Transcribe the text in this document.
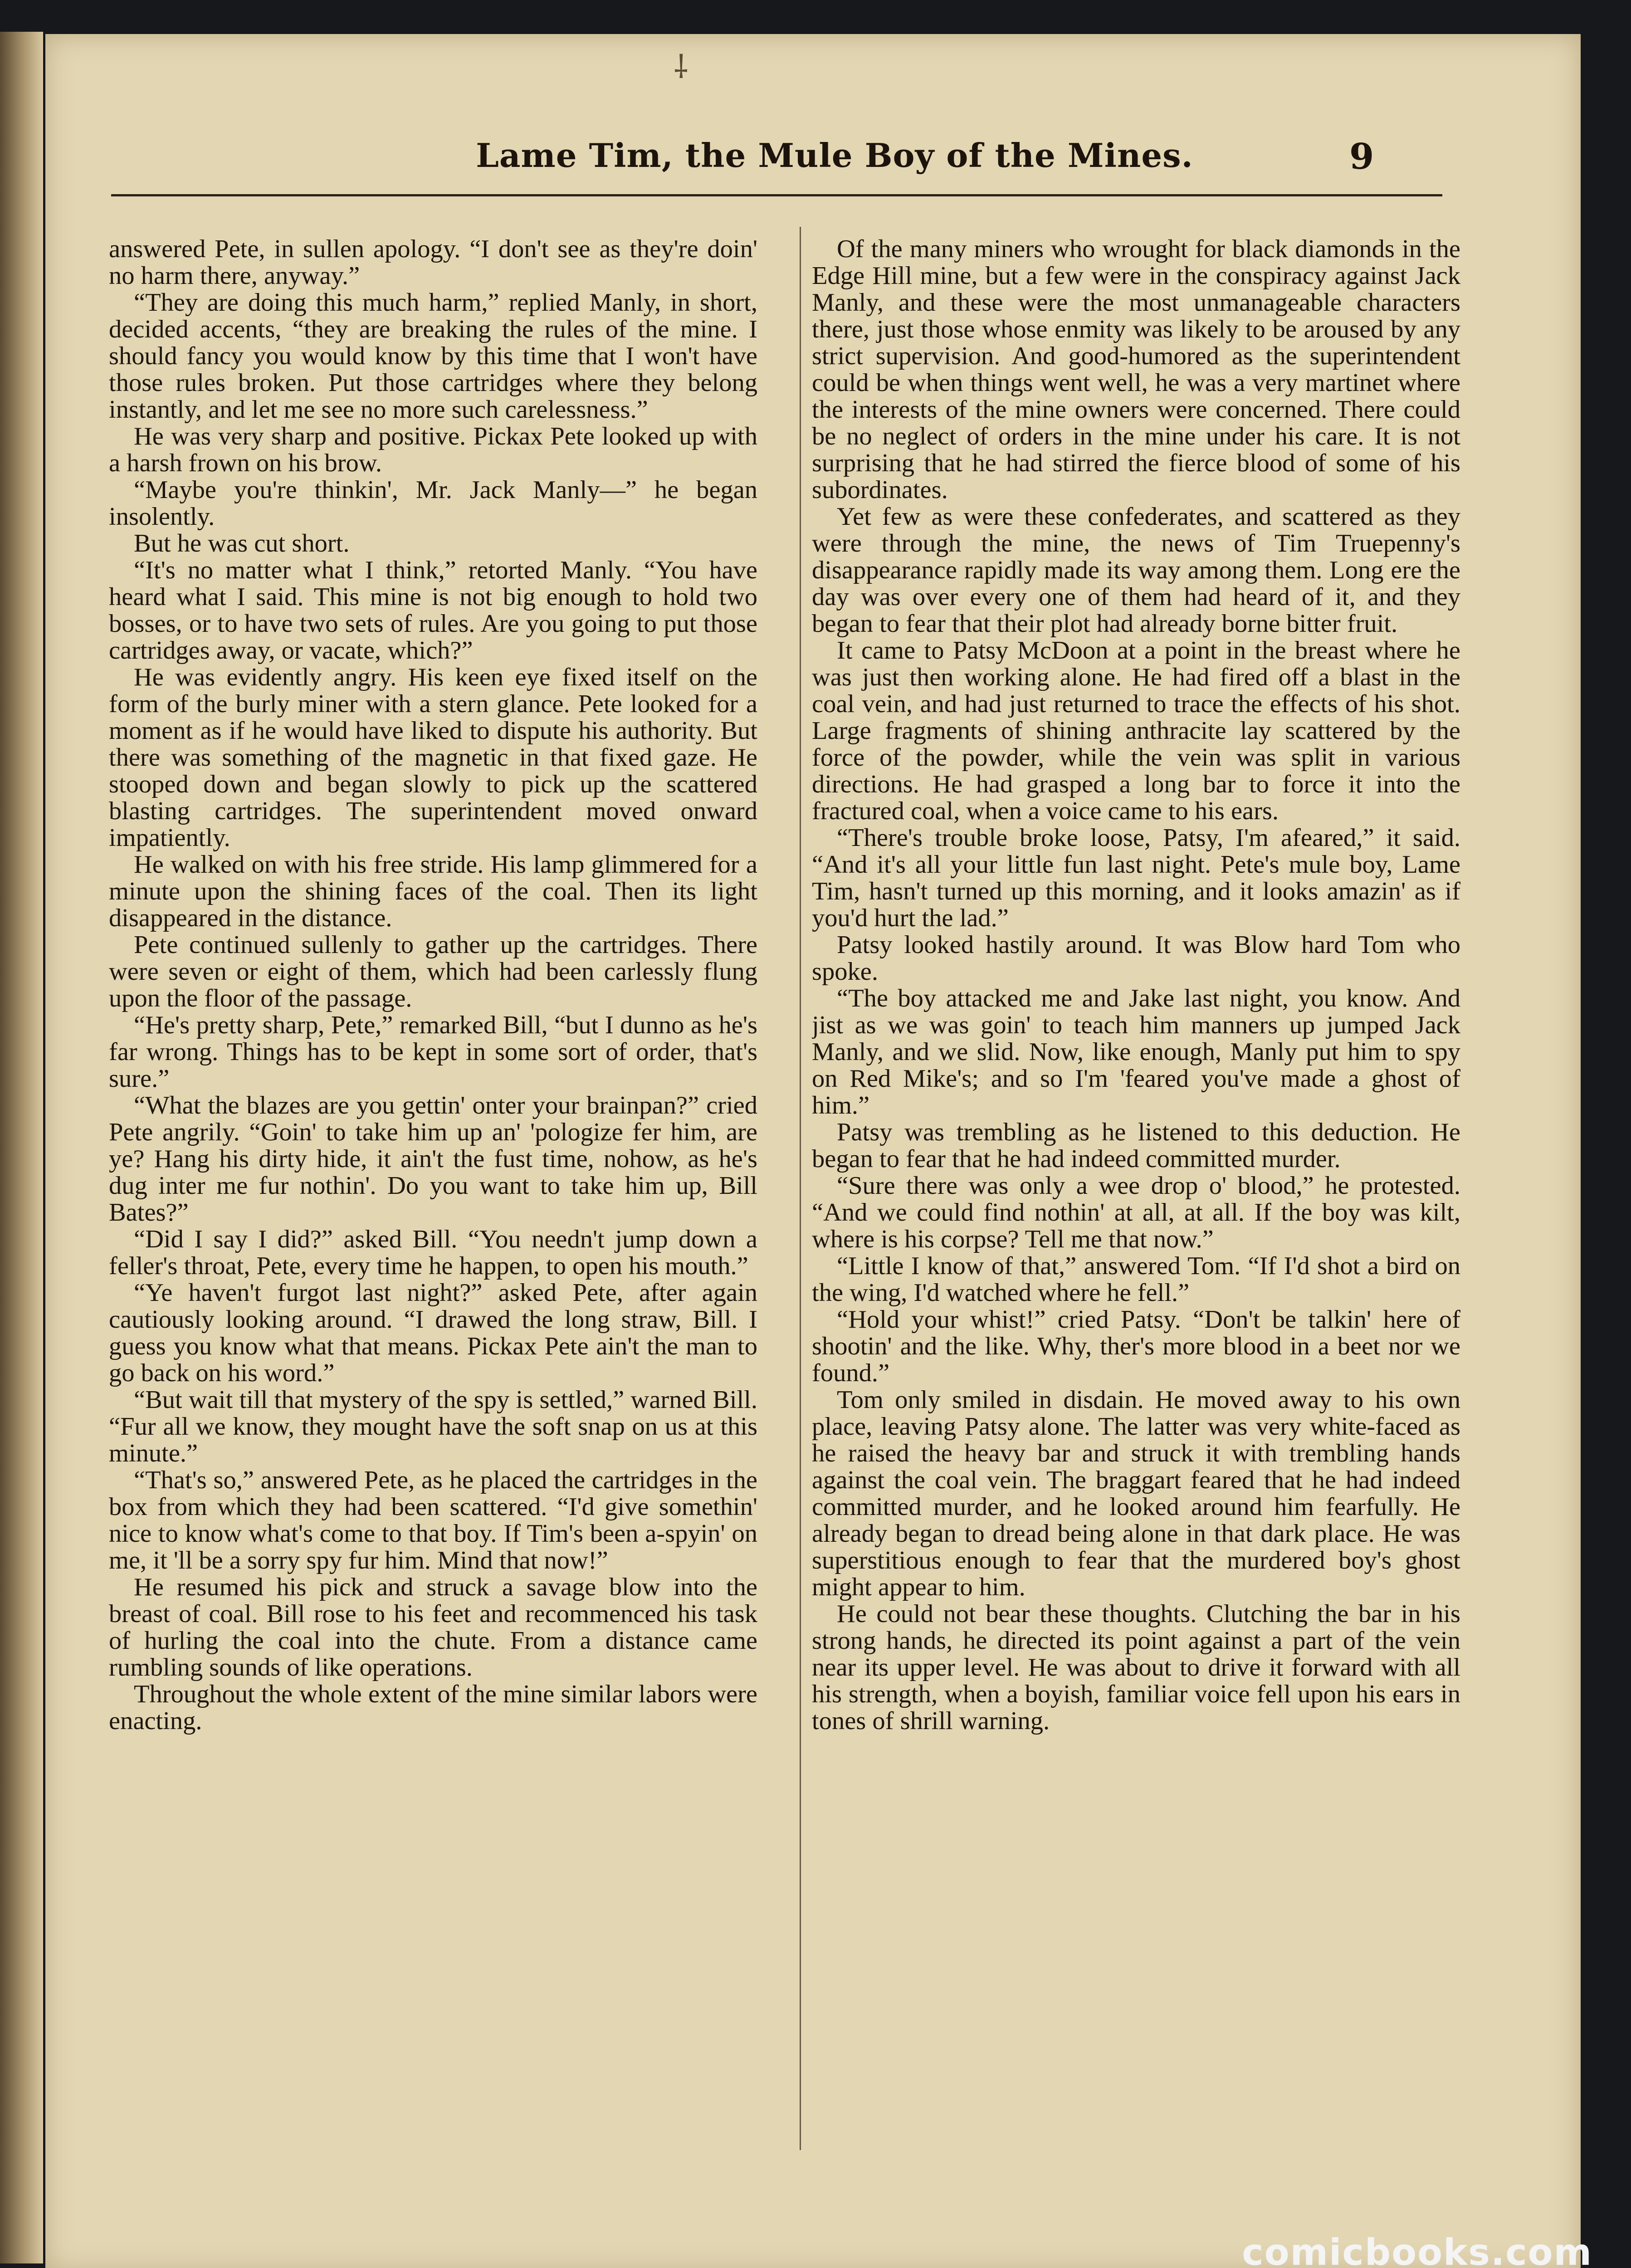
⸸
Lame Tim, the Mule Boy of the Mines.	9

answered Pete, in sullen apology. “I don't see as they're doin' no harm there, anyway.”

“They are doing this much harm,” replied Manly, in short, decided accents, “they are breaking the rules of the mine. I should fancy you would know by this time that I won't have those rules broken. Put those cartridges where they belong instantly, and let me see no more such carelessness.”

He was very sharp and positive. Pickax Pete looked up with a harsh frown on his brow.

“Maybe you're thinkin', Mr. Jack Manly—” he began insolently.

But he was cut short.

“It's no matter what I think,” retorted Manly. “You have heard what I said. This mine is not big enough to hold two bosses, or to have two sets of rules. Are you going to put those cartridges away, or vacate, which?”

He was evidently angry. His keen eye fixed itself on the form of the burly miner with a stern glance. Pete looked for a moment as if he would have liked to dispute his authority. But there was something of the magnetic in that fixed gaze. He stooped down and began slowly to pick up the scattered blasting cartridges. The superintendent moved onward impatiently.

He walked on with his free stride. His lamp glimmered for a minute upon the shining faces of the coal. Then its light disappeared in the distance.

Pete continued sullenly to gather up the cartridges. There were seven or eight of them, which had been carlessly flung upon the floor of the passage.

“He's pretty sharp, Pete,” remarked Bill, “but I dunno as he's far wrong. Things has to be kept in some sort of order, that's sure.”

“What the blazes are you gettin' onter your brainpan?” cried Pete angrily. “Goin' to take him up an' 'pologize fer him, are ye? Hang his dirty hide, it ain't the fust time, nohow, as he's dug inter me fur nothin'. Do you want to take him up, Bill Bates?”

“Did I say I did?” asked Bill. “You needn't jump down a feller's throat, Pete, every time he happen, to open his mouth.”

“Ye haven't furgot last night?” asked Pete, after again cautiously looking around. “I drawed the long straw, Bill. I guess you know what that means. Pickax Pete ain't the man to go back on his word.”

“But wait till that mystery of the spy is settled,” warned Bill. “Fur all we know, they mought have the soft snap on us at this minute.”

“That's so,” answered Pete, as he placed the cartridges in the box from which they had been scattered. “I'd give somethin' nice to know what's come to that boy. If Tim's been a-spyin' on me, it 'll be a sorry spy fur him. Mind that now!”

He resumed his pick and struck a savage blow into the breast of coal. Bill rose to his feet and recommenced his task of hurling the coal into the chute. From a distance came rumbling sounds of like operations.

Throughout the whole extent of the mine similar labors were enacting.

Of the many miners who wrought for black diamonds in the Edge Hill mine, but a few were in the conspiracy against Jack Manly, and these were the most unmanageable characters there, just those whose enmity was likely to be aroused by any strict supervision. And good-humored as the superintendent could be when things went well, he was a very martinet where the interests of the mine owners were concerned. There could be no neglect of orders in the mine under his care. It is not surprising that he had stirred the fierce blood of some of his subordinates.

Yet few as were these confederates, and scattered as they were through the mine, the news of Tim Truepenny's disappearance rapidly made its way among them. Long ere the day was over every one of them had heard of it, and they began to fear that their plot had already borne bitter fruit.

It came to Patsy McDoon at a point in the breast where he was just then working alone. He had fired off a blast in the coal vein, and had just returned to trace the effects of his shot. Large fragments of shining anthracite lay scattered by the force of the powder, while the vein was split in various directions. He had grasped a long bar to force it into the fractured coal, when a voice came to his ears.

“There's trouble broke loose, Patsy, I'm afeared,” it said. “And it's all your little fun last night. Pete's mule boy, Lame Tim, hasn't turned up this morning, and it looks amazin' as if you'd hurt the lad.”

Patsy looked hastily around. It was Blow hard Tom who spoke.

“The boy attacked me and Jake last night, you know. And jist as we was goin' to teach him manners up jumped Jack Manly, and we slid. Now, like enough, Manly put him to spy on Red Mike's; and so I'm 'feared you've made a ghost of him.”

Patsy was trembling as he listened to this deduction. He began to fear that he had indeed committed murder.

“Sure there was only a wee drop o' blood,” he protested. “And we could find nothin' at all, at all. If the boy was kilt, where is his corpse? Tell me that now.”

“Little I know of that,” answered Tom. “If I'd shot a bird on the wing, I'd watched where he fell.”

“Hold your whist!” cried Patsy. “Don't be talkin' here of shootin' and the like. Why, ther's more blood in a beet nor we found.”

Tom only smiled in disdain. He moved away to his own place, leaving Patsy alone. The latter was very white-faced as he raised the heavy bar and struck it with trembling hands against the coal vein. The braggart feared that he had indeed committed murder, and he looked around him fearfully. He already began to dread being alone in that dark place. He was superstitious enough to fear that the murdered boy's ghost might appear to him.

He could not bear these thoughts. Clutching the bar in his strong hands, he directed its point against a part of the vein near its upper level. He was about to drive it forward with all his strength, when a boyish, familiar voice fell upon his ears in tones of shrill warning.

comicbooks.com
